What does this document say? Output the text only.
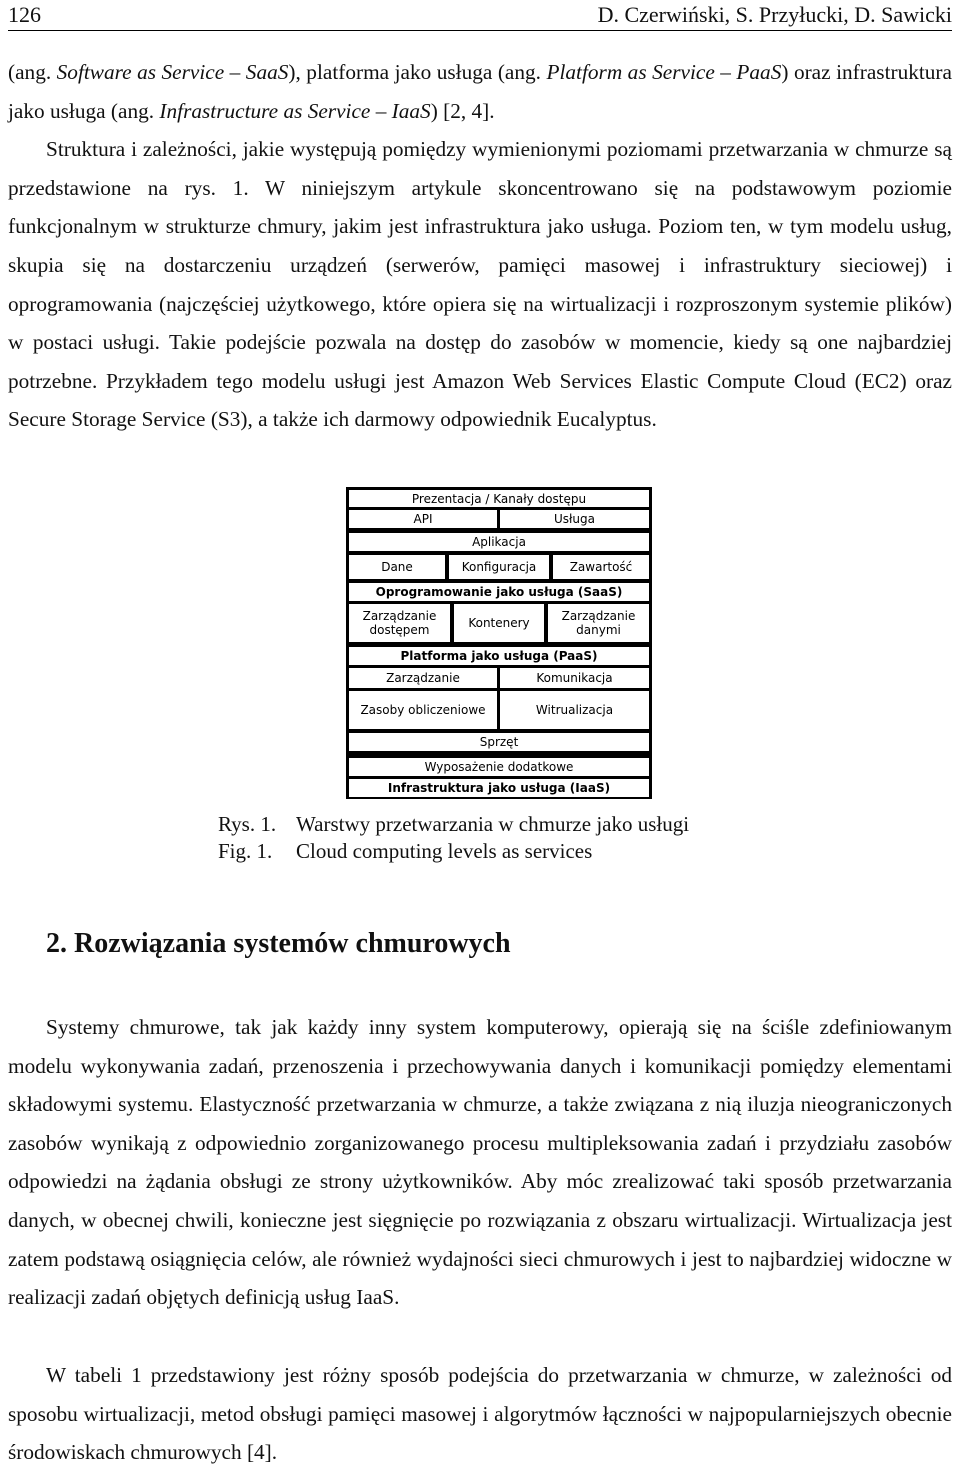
126	D. Czerwiński, S. Przyłucki, D. Sawicki

(ang. Software as Service – SaaS), platforma jako usługa (ang. Platform as Service – PaaS) oraz infrastruktura jako usługa (ang. Infrastructure as Service – IaaS) [2, 4].
Struktura i zależności, jakie występują pomiędzy wymienionymi poziomami przetwarzania w chmurze są przedstawione na rys. 1. W niniejszym artykule skoncentrowano się na podstawowym poziomie funkcjonalnym w strukturze chmury, jakim jest infrastruktura jako usługa. Poziom ten, w tym modelu usług, skupia się na dostarczeniu urządzeń (serwerów, pamięci masowej i infrastruktury sieciowej) i oprogramowania (najczęściej użytkowego, które opiera się na wirtualizacji i rozproszonym systemie plików) w postaci usługi. Takie podejście pozwala na dostęp do zasobów w momencie, kiedy są one najbardziej potrzebne. Przykładem tego modelu usługi jest Amazon Web Services Elastic Compute Cloud (EC2) oraz Secure Storage Service (S3), a także ich darmowy odpowiednik Eucalyptus.

Prezentacja / Kanały dostępu
API	Usługa
Aplikacja
Dane	Konfiguracja	Zawartość
Oprogramowanie jako usługa (SaaS)
Zarządzanie dostępem	Kontenery	Zarządzanie danymi
Platforma jako usługa (PaaS)
Zarządzanie	Komunikacja
Zasoby obliczeniowe	Witrualizacja
Sprzęt
Wyposażenie dodatkowe
Infrastruktura jako usługa (IaaS)
Rys. 1. Warstwy przetwarzania w chmurze jako usługi
Fig. 1. Cloud computing levels as services
2. Rozwiązania systemów chmurowych

Systemy chmurowe, tak jak każdy inny system komputerowy, opierają się na ściśle zdefiniowanym modelu wykonywania zadań, przenoszenia i przechowywania danych i komunikacji pomiędzy elementami składowymi systemu. Elastyczność przetwarzania w chmurze, a także związana z nią iluzja nieograniczonych zasobów wynikają z odpowiednio zorganizowanego procesu multipleksowania zadań i przydziału zasobów odpowiedzi na żądania obsługi ze strony użytkowników. Aby móc zrealizować taki sposób przetwarzania danych, w obecnej chwili, konieczne jest sięgnięcie po rozwiązania z obszaru wirtualizacji. Wirtualizacja jest zatem podstawą osiągnięcia celów, ale również wydajności sieci chmurowych i jest to najbardziej widoczne w realizacji zadań objętych definicją usług IaaS.

W tabeli 1 przedstawiony jest różny sposób podejścia do przetwarzania w chmurze, w zależności od sposobu wirtualizacji, metod obsługi pamięci masowej i algorytmów łączności w najpopularniejszych obecnie środowiskach chmurowych [4].
